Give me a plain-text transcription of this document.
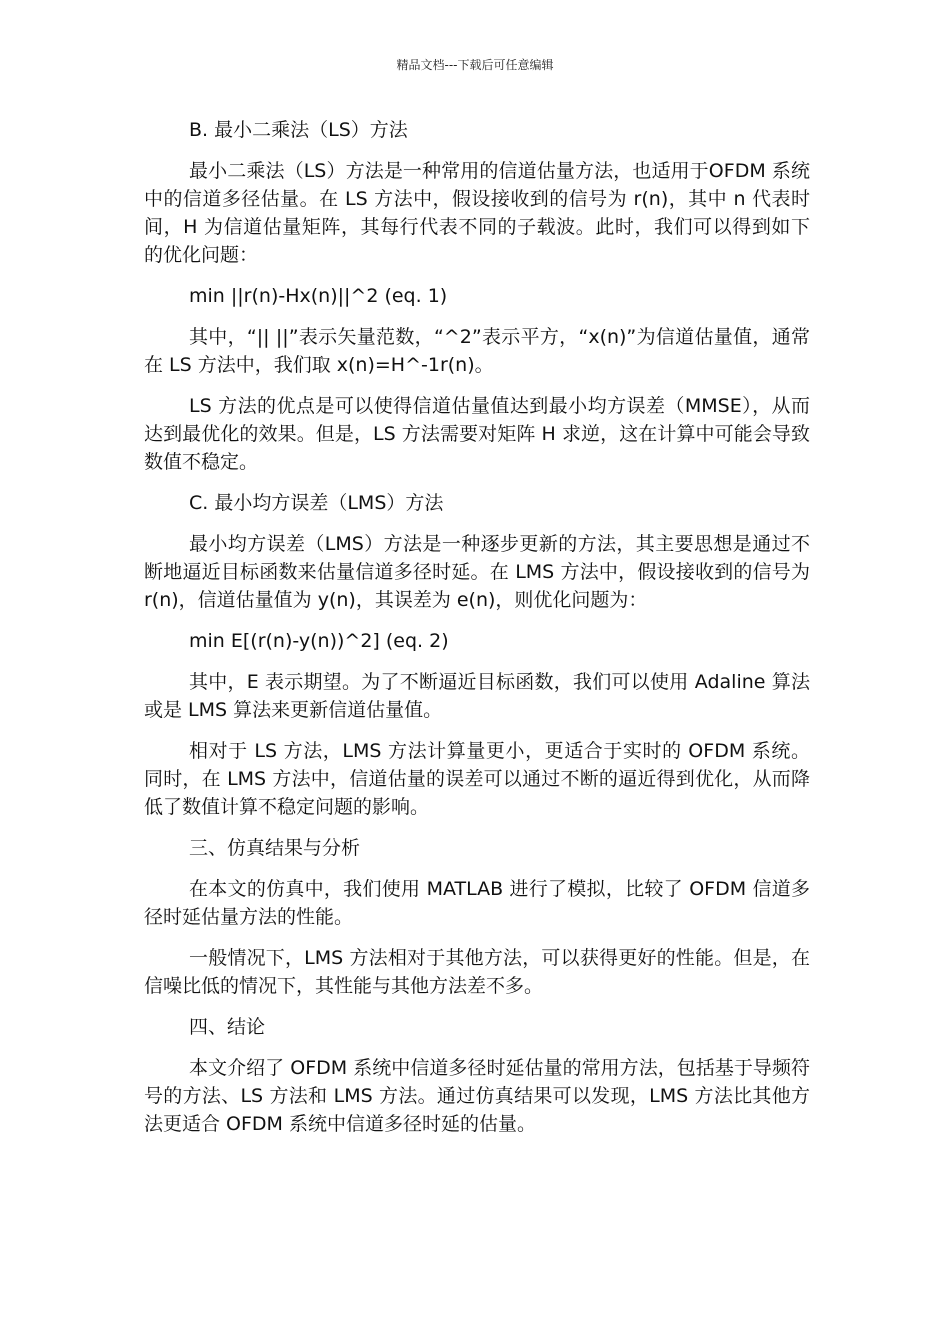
精品文档---下载后可任意编辑

B. 最小二乘法（LS）方法

最小二乘法（LS）方法是一种常用的信道估量方法，也适用于OFDM 系统中的信道多径估量。在 LS 方法中，假设接收到的信号为 r(n)，其中 n 代表时间，H 为信道估量矩阵，其每行代表不同的子载波。此时，我们可以得到如下的优化问题：

min ||r(n)-Hx(n)||^2 (eq. 1)

其中，“|| ||”表示矢量范数，“^2”表示平方，“x(n)”为信道估量值，通常在 LS 方法中，我们取 x(n)=H^-1r(n)。

LS 方法的优点是可以使得信道估量值达到最小均方误差（MMSE），从而达到最优化的效果。但是，LS 方法需要对矩阵 H 求逆，这在计算中可能会导致数值不稳定。

C. 最小均方误差（LMS）方法

最小均方误差（LMS）方法是一种逐步更新的方法，其主要思想是通过不断地逼近目标函数来估量信道多径时延。在 LMS 方法中，假设接收到的信号为 r(n)，信道估量值为 y(n)，其误差为 e(n)，则优化问题为：

min E[(r(n)-y(n))^2] (eq. 2)

其中，E 表示期望。为了不断逼近目标函数，我们可以使用 Adaline 算法或是 LMS 算法来更新信道估量值。

相对于 LS 方法，LMS 方法计算量更小，更适合于实时的 OFDM 系统。同时，在 LMS 方法中，信道估量的误差可以通过不断的逼近得到优化，从而降低了数值计算不稳定问题的影响。

三、仿真结果与分析

在本文的仿真中，我们使用 MATLAB 进行了模拟，比较了 OFDM 信道多径时延估量方法的性能。

一般情况下，LMS 方法相对于其他方法，可以获得更好的性能。但是，在信噪比低的情况下，其性能与其他方法差不多。

四、结论

本文介绍了 OFDM 系统中信道多径时延估量的常用方法，包括基于导频符号的方法、LS 方法和 LMS 方法。通过仿真结果可以发现，LMS 方法比其他方法更适合 OFDM 系统中信道多径时延的估量。
